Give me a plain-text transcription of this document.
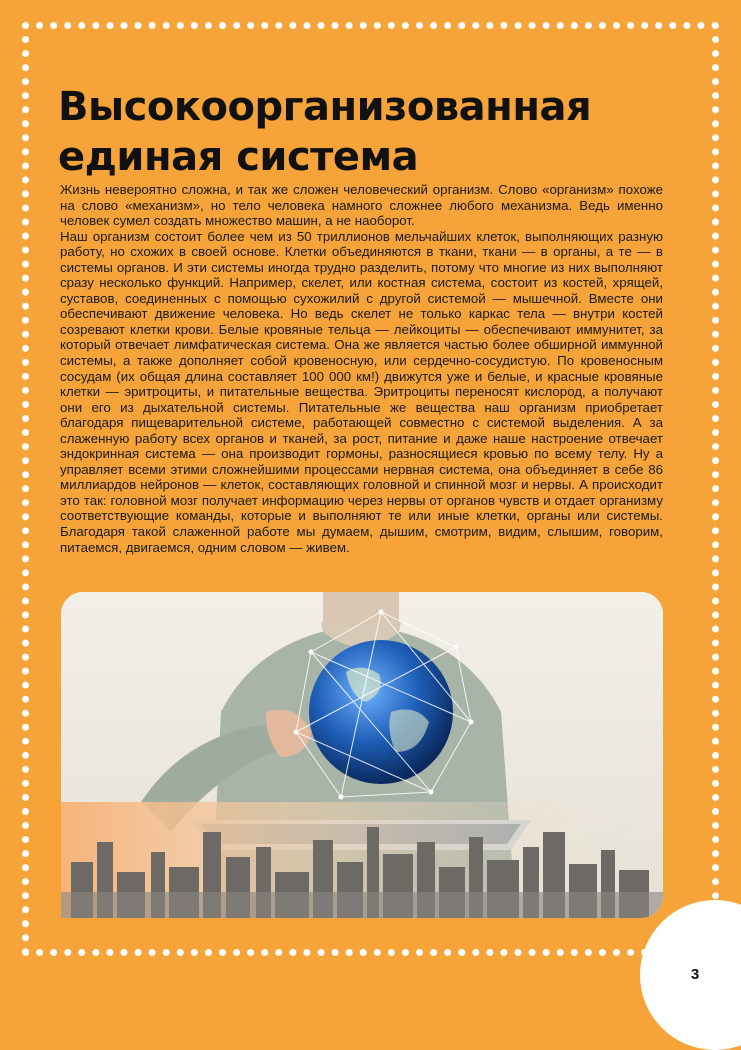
Высокоорганизованная
единая система

Жизнь невероятно сложна, и так же сложен человеческий организм. Слово «организм» похоже на слово «механизм», но тело человека намного сложнее любого механизма. Ведь именно человек сумел создать множество машин, а не наоборот.

Наш организм состоит более чем из 50 триллионов мельчайших клеток, выполняющих разную работу, но схожих в своей основе. Клетки объединяются в ткани, ткани — в органы, а те — в системы органов. И эти системы иногда трудно разделить, потому что многие из них выполняют сразу несколько функций. Например, скелет, или костная система, состоит из костей, хрящей, суставов, соединенных с помощью сухожилий с другой системой — мышечной. Вместе они обеспечивают движение человека. Но ведь скелет не только каркас тела — внутри костей созревают клетки крови. Белые кровяные тельца — лейкоциты — обеспечивают иммунитет, за который отвечает лимфатическая система. Она же является частью более обширной иммунной системы, а также дополняет собой кровеносную, или сердечно-сосудистую. По кровеносным сосудам (их общая длина составляет 100 000 км!) движутся уже и белые, и красные кровяные клетки — эритроциты, и питательные вещества. Эритроциты переносят кислород, а получают они его из дыхательной системы. Питательные же вещества наш организм приобретает благодаря пищеварительной системе, работающей совместно с системой выделения. А за слаженную работу всех органов и тканей, за рост, питание и даже наше настроение отвечает эндокринная система — она производит гормоны, разносящиеся кровью по всему телу. Ну а управляет всеми этими сложнейшими процессами нервная система, она объединяет в себе 86 миллиардов нейронов — клеток, составляющих головной и спинной мозг и нервы. А происходит это так: головной мозг получает информацию через нервы от органов чувств и отдает организму соответствующие команды, которые и выполняют те или иные клетки, органы или системы. Благодаря такой слаженной работе мы думаем, дышим, смотрим, видим, слышим, говорим, питаемся, двигаемся, одним словом — живем.

3
